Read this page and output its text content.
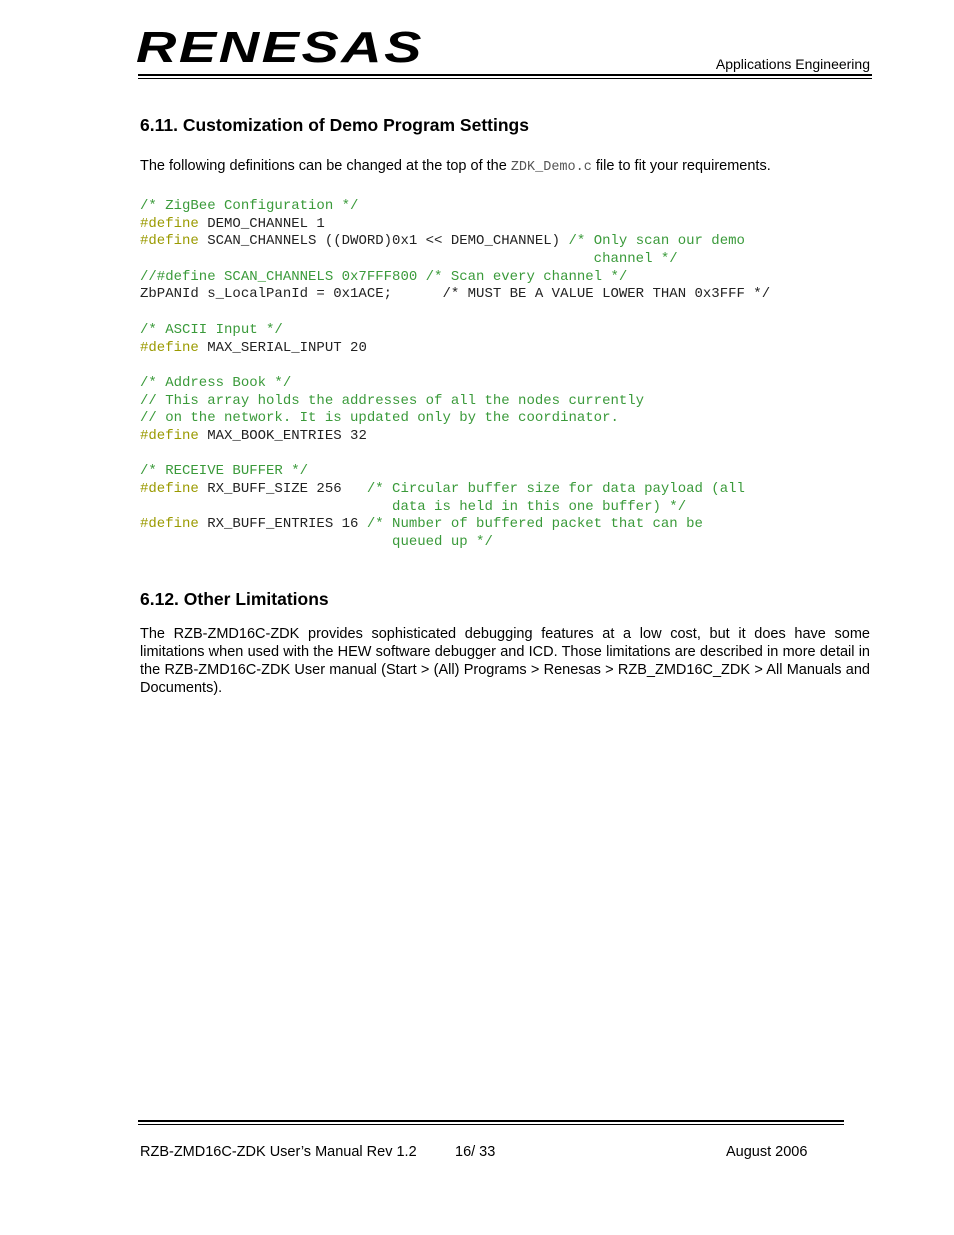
RENESAS	Applications Engineering
6.11. Customization of Demo Program Settings
The following definitions can be changed at the top of the ZDK_Demo.c file to fit your requirements.
/* ZigBee Configuration */
#define DEMO_CHANNEL 1
#define SCAN_CHANNELS ((DWORD)0x1 << DEMO_CHANNEL) /* Only scan our demo
channel */
//#define SCAN_CHANNELS 0x7FFF800 /* Scan every channel */
ZbPANId s_LocalPanId = 0x1ACE;      /* MUST BE A VALUE LOWER THAN 0x3FFF */
/* ASCII Input */
#define MAX_SERIAL_INPUT 20
/* Address Book */
// This array holds the addresses of all the nodes currently
// on the network. It is updated only by the coordinator.
#define MAX_BOOK_ENTRIES 32
/* RECEIVE BUFFER */
#define RX_BUFF_SIZE 256   /* Circular buffer size for data payload (all
data is held in this one buffer) */
#define RX_BUFF_ENTRIES 16 /* Number of buffered packet that can be
queued up */
6.12. Other Limitations

The RZB-ZMD16C-ZDK provides sophisticated debugging features at a low cost, but it does have some limitations when used with the HEW software debugger and ICD. Those limitations are described in more detail in the RZB-ZMD16C-ZDK User manual (Start > (All) Programs > Renesas > RZB_ZMD16C_ZDK > All Manuals and Documents).

RZB-ZMD16C-ZDK User’s Manual Rev 1.2	16/ 33	August 2006
